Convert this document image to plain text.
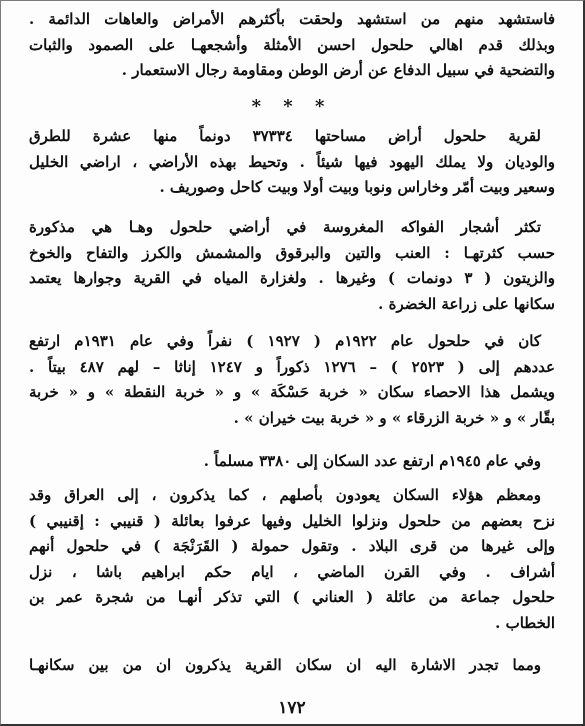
فاستشهد منهم من استشهد ولحقت بأكثرهم الأمراض والعاهات الدائمة .
وبذلك قدم اهالي حلحول احسن الأمثلة وأشجعهـا على الصمود والثبات
والتضحية في سبيل الدفاع عن أرض الوطن ومقاومة رجال الاستعمار .
* * *
لقرية حلحول أراض مساحتها ٣٧٣٣٤ دونماً منها عشرة للطرق
والوديان ولا يملك اليهود فيها شيئاً . وتحيط بهذه الأراضي ، اراضي الخليل
وسعير وبيت أمّر وخاراس ونوبا وبيت أولا وبيت كاحل وصوريف .
تكثر أشجار الفواكه المغروسة في أراضي حلحول وهـا هي مذكورة
حسب كثرتهـا : العنب والتين والبرقوق والمشمش والكرز والتفاح والخوخ
والزيتون ( ٣ دونمات ) وغيرها . ولغزارة المياه في القرية وجوارها يعتمد
سكانها على زراعة الخضرة .
كان في حلحول عام ١٩٢٢م ( ١٩٢٧ ) نفراً وفي عام ١٩٣١م ارتفع
عددهم إلى ( ٢٥٢٣ ) – ١٢٧٦ ذكوراً و ١٢٤٧ إناثا – لهم ٤٨٧ بيتاً .
ويشمل هذا الاحصاء سكان « خربة حَسْكَة » و « خربة النقطة » و « خربة
بقّار » و « خربة الزرقاء » و « خربة بيت خيران » .
وفي عام ١٩٤٥م ارتفع عدد السكان إلى ٣٣٨٠ مسلماً .
ومعظم هؤلاء السكان يعودون بأصلهم ، كما يذكرون ، إلى العراق وقد
نزح بعضهم من حلحول ونزلوا الخليل وفيها عرفوا بعائلة ( قنيبي : إقنيبي )
وإلى غيرها من قرى البلاد . وتقول حمولة ( القَرَنْجَة ) في حلحول أنهم
أشراف . وفي القرن الماضي ، ايام حكم ابراهيم باشا ، نزل
حلحول جماعة من عائلة ( العناني ) التي تذكر أنهـا من شجرة عمر بن
الخطاب .
ومما تجدر الاشارة اليه ان سكان القرية يذكرون ان من بين سكانهـا
١٧٢
